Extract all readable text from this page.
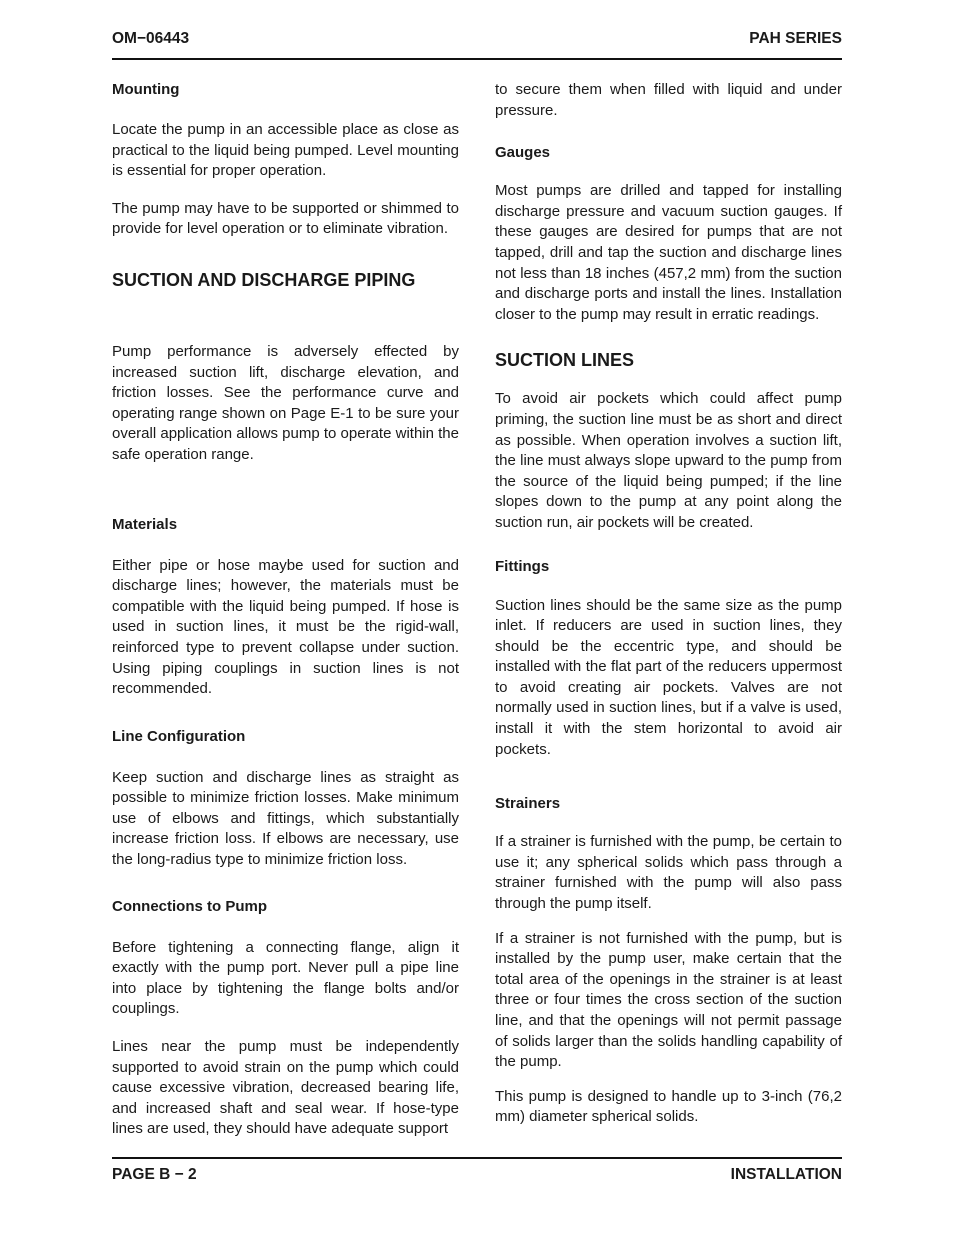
OM−06443	PAH SERIES
Mounting

Locate the pump in an accessible place as close as practical to the liquid being pumped. Level mounting is essential for proper operation.

The pump may have to be supported or shimmed to provide for level operation or to eliminate vibration.

SUCTION AND DISCHARGE PIPING

Pump performance is adversely effected by increased suction lift, discharge elevation, and friction losses. See the performance curve and operating range shown on Page E-1 to be sure your overall application allows pump to operate within the safe operation range.

Materials

Either pipe or hose maybe used for suction and discharge lines; however, the materials must be compatible with the liquid being pumped. If hose is used in suction lines, it must be the rigid-wall, reinforced type to prevent collapse under suction. Using piping couplings in suction lines is not recommended.

Line Configuration

Keep suction and discharge lines as straight as possible to minimize friction losses. Make minimum use of elbows and fittings, which substantially increase friction loss. If elbows are necessary, use the long-radius type to minimize friction loss.

Connections to Pump

Before tightening a connecting flange, align it exactly with the pump port. Never pull a pipe line into place by tightening the flange bolts and/or couplings.

Lines near the pump must be independently supported to avoid strain on the pump which could cause excessive vibration, decreased bearing life, and increased shaft and seal wear. If hose-type lines are used, they should have adequate support

to secure them when filled with liquid and under pressure.

Gauges

Most pumps are drilled and tapped for installing discharge pressure and vacuum suction gauges. If these gauges are desired for pumps that are not tapped, drill and tap the suction and discharge lines not less than 18 inches (457,2 mm) from the suction and discharge ports and install the lines. Installation closer to the pump may result in erratic readings.

SUCTION LINES

To avoid air pockets which could affect pump priming, the suction line must be as short and direct as possible. When operation involves a suction lift, the line must always slope upward to the pump from the source of the liquid being pumped; if the line slopes down to the pump at any point along the suction run, air pockets will be created.

Fittings

Suction lines should be the same size as the pump inlet. If reducers are used in suction lines, they should be the eccentric type, and should be installed with the flat part of the reducers uppermost to avoid creating air pockets. Valves are not normally used in suction lines, but if a valve is used, install it with the stem horizontal to avoid air pockets.

Strainers

If a strainer is furnished with the pump, be certain to use it; any spherical solids which pass through a strainer furnished with the pump will also pass through the pump itself.

If a strainer is not furnished with the pump, but is installed by the pump user, make certain that the total area of the openings in the strainer is at least three or four times the cross section of the suction line, and that the openings will not permit passage of solids larger than the solids handling capability of the pump.

This pump is designed to handle up to 3-inch (76,2 mm) diameter spherical solids.

PAGE B − 2	INSTALLATION
